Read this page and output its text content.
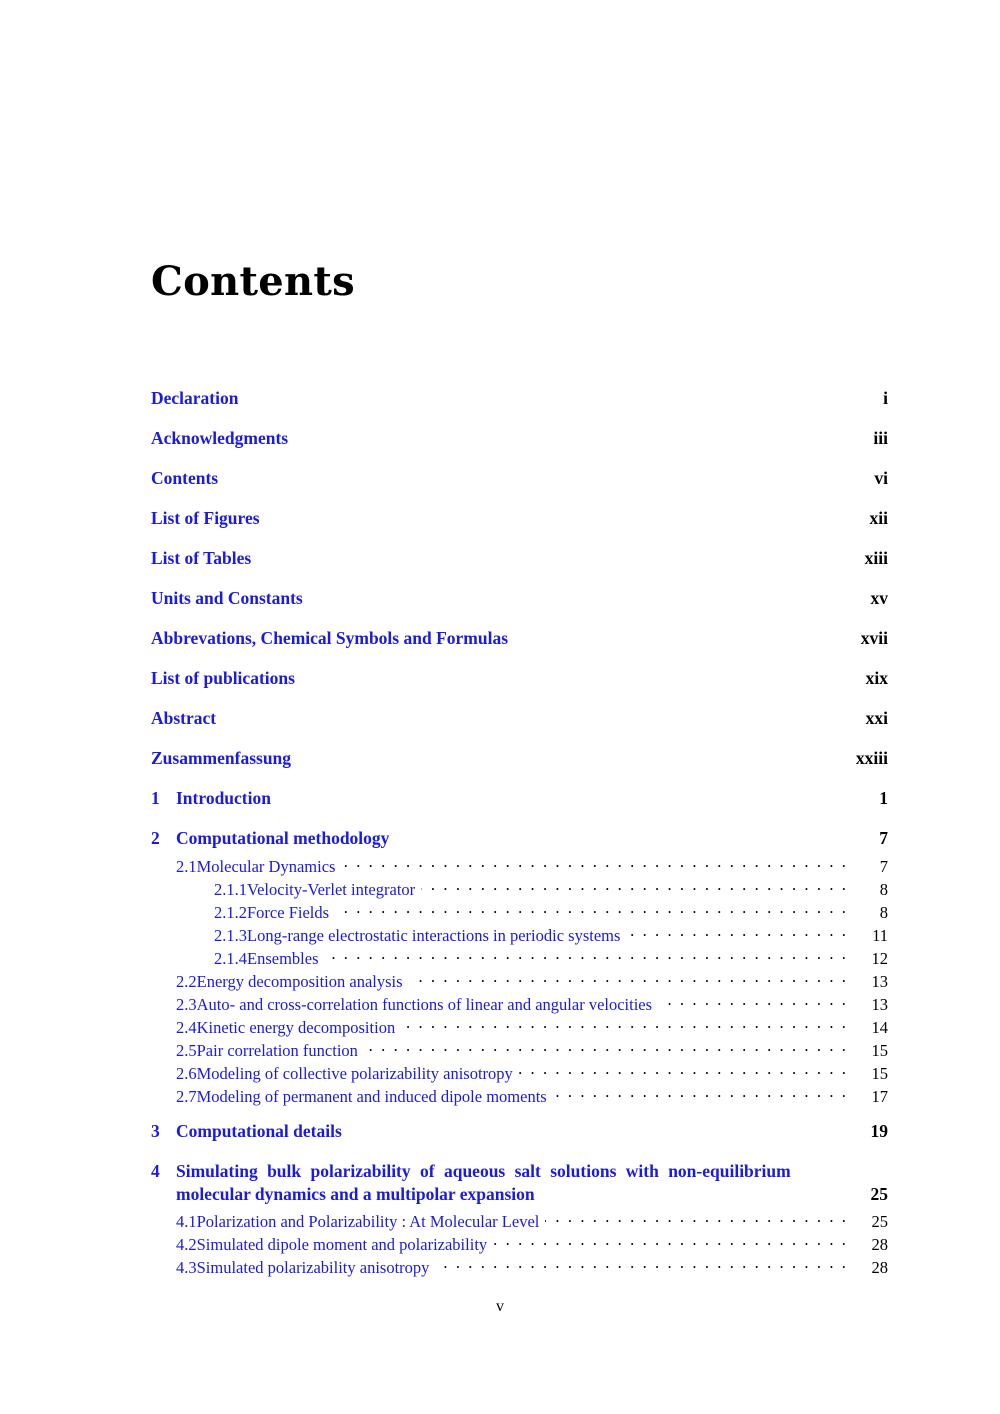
Contents
Declaration	i
Acknowledgments	iii
Contents	vi
List of Figures	xii
List of Tables	xiii
Units and Constants	xv
Abbrevations, Chemical Symbols and Formulas	xvii
List of publications	xix
Abstract	xxi
Zusammenfassung	xxiii
1 Introduction	1
2 Computational methodology	7
2.1 Molecular Dynamics . . .	7
2.1.1 Velocity-Verlet integrator . . .	8
2.1.2 Force Fields . . .	8
2.1.3 Long-range electrostatic interactions in periodic systems . . .	11
2.1.4 Ensembles . . .	12
2.2 Energy decomposition analysis . . .	13
2.3 Auto- and cross-correlation functions of linear and angular velocities . . .	13
2.4 Kinetic energy decomposition . . .	14
2.5 Pair correlation function . . .	15
2.6 Modeling of collective polarizability anisotropy . . .	15
2.7 Modeling of permanent and induced dipole moments . . .	17
3 Computational details	19
4 Simulating bulk polarizability of aqueous salt solutions with non-equilibrium
molecular dynamics and a multipolar expansion	25
4.1 Polarization and Polarizability : At Molecular Level . . .	25
4.2 Simulated dipole moment and polarizability . . .	28
4.3 Simulated polarizability anisotropy . . .	28
v
